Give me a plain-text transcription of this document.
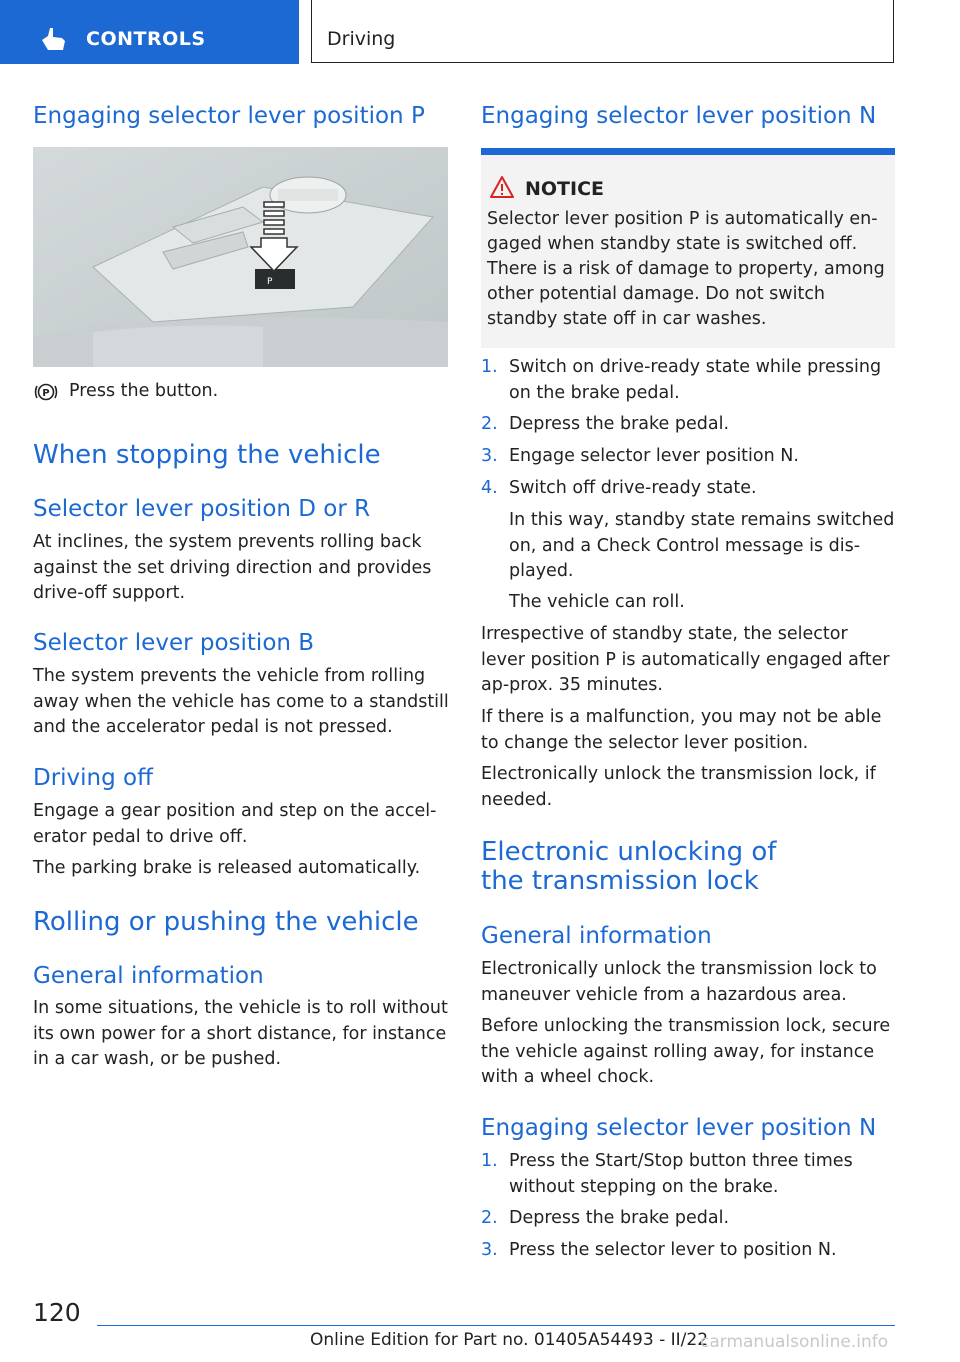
CONTROLS	Driving
Engaging selector lever position P
P
P Press the button.

When stopping the vehicle
Selector lever position D or R

At inclines, the system prevents rolling back against the set driving direction and provides drive-off support.

Selector lever position B

The system prevents the vehicle from rolling away when the vehicle has come to a standstill and the accelerator pedal is not pressed.

Driving off

Engage a gear position and step on the accel‐erator pedal to drive off.

The parking brake is released automatically.

Rolling or pushing the vehicle
General information

In some situations, the vehicle is to roll without its own power for a short distance, for instance in a car wash, or be pushed.

Engaging selector lever position N
NOTICE

Selector lever position P is automatically en‐gaged when standby state is switched off. There is a risk of damage to property, among other potential damage. Do not switch standby state off in car washes.

1. Switch on drive-ready state while pressing on the brake pedal.
2. Depress the brake pedal.
3. Engage selector lever position N.
4. Switch off drive-ready state.

In this way, standby state remains switched on, and a Check Control message is dis‐played.

The vehicle can roll.

Irrespective of standby state, the selector lever position P is automatically engaged after ap‐prox. 35 minutes.

If there is a malfunction, you may not be able to change the selector lever position.

Electronically unlock the transmission lock, if needed.

Electronic unlocking of the transmission lock
General information

Electronically unlock the transmission lock to maneuver vehicle from a hazardous area.

Before unlocking the transmission lock, secure the vehicle against rolling away, for instance with a wheel chock.

Engaging selector lever position N
1. Press the Start/Stop button three times without stepping on the brake.
2. Depress the brake pedal.
3. Press the selector lever to position N.
120
Online Edition for Part no. 01405A54493 - II/22
carmanualsonline.info
